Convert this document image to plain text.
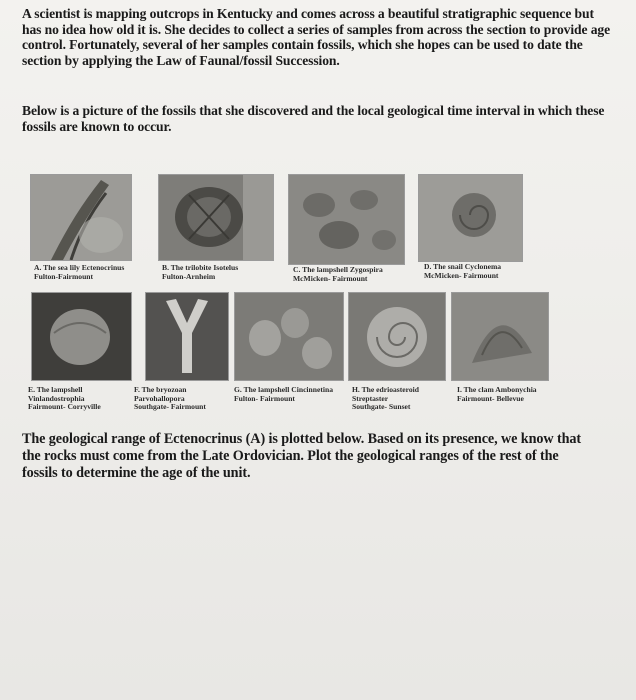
A scientist is mapping outcrops in Kentucky and comes across a beautiful stratigraphic sequence but has no idea how old it is. She decides to collect a series of samples from across the section to provide age control. Fortunately, several of her samples contain fossils, which she hopes can be used to date the section by applying the Law of Faunal/fossil Succession.
Below is a picture of the fossils that she discovered and the local geological time interval in which these fossils are known to occur.
A. The sea lily Ectenocrinus
Fulton-Fairmount
B. The trilobite Isotelus
Fulton-Arnheim
C. The lampshell Zygospira
McMicken- Fairmount
D. The snail Cyclonema
McMicken- Fairmount
E. The lampshell
Vinlandostrophia
Fairmount- Corryville
F. The bryozoan
Parvohallopora
Southgate- Fairmount
G. The lampshell Cincinnetina
Fulton- Fairmount
H. The edrioasteroid
Streptaster
Southgate- Sunset
I. The clam Ambonychia
Fairmount- Bellevue
The geological range of Ectenocrinus (A) is plotted below. Based on its presence, we know that the rocks must come from the Late Ordovician. Plot the geological ranges of the rest of the fossils to determine the age of the unit.
